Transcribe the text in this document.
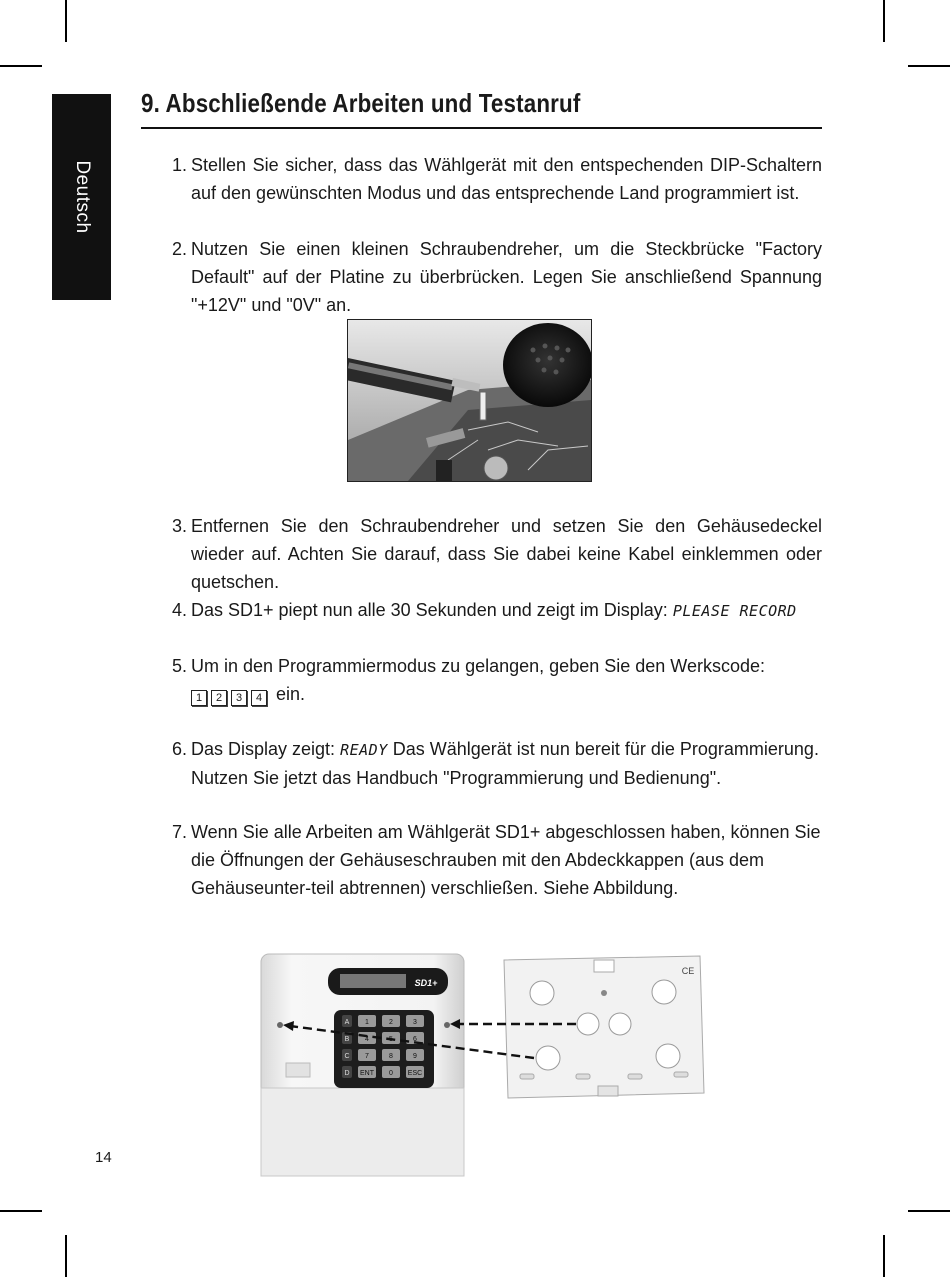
Deutsch
9. Abschließende Arbeiten und Testanruf
1. Stellen Sie sicher, dass das Wählgerät mit den entspechenden DIP-Schaltern auf den gewünschten Modus und das entsprechende Land programmiert ist.
2. Nutzen Sie einen kleinen Schraubendreher, um die Steckbrücke "Factory Default" auf der Platine zu überbrücken. Legen Sie anschließend Spannung "+12V" und "0V" an.
3. Entfernen Sie den Schraubendreher und setzen Sie den Gehäusedeckel wieder auf. Achten Sie darauf, dass Sie dabei keine Kabel einklemmen oder quetschen.
4. Das SD1+ piept nun alle 30 Sekunden und zeigt im Display: PLEASE RECORD
5. Um in den Programmiermodus zu gelangen, geben Sie den Werkscode:
1 2 3 4 ein.
6. Das Display zeigt: READY Das Wählgerät ist nun bereit für die Programmierung. Nutzen Sie jetzt das Handbuch "Programmierung und Bedienung".
7. Wenn Sie alle Arbeiten am Wählgerät SD1+ abgeschlossen haben, können Sie die Öffnungen der Gehäuseschrauben mit den Abdeckkappen (aus dem Gehäuseunter-teil abtrennen) verschließen. Siehe Abbildung.
SD1+
A 1	2	3
B 4	5	6
C 7	8	9
D ENT 0 ESC
CE
14
